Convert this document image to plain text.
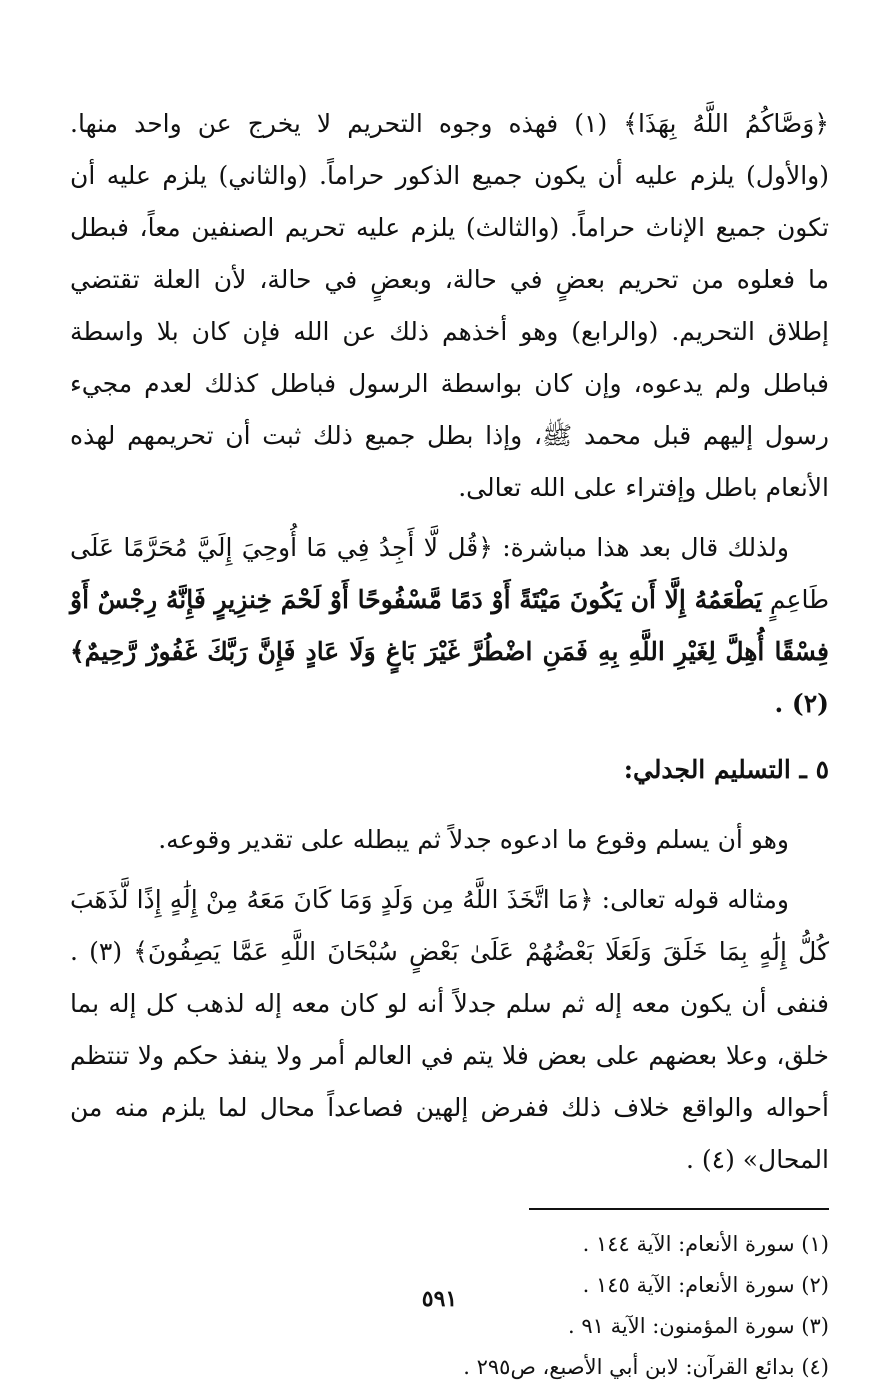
﴿وَصَّاكُمُ اللَّهُ بِهَذَا﴾ (١) فهذه وجوه التحريم لا يخرج عن واحد منها. (والأول) يلزم عليه أن يكون جميع الذكور حراماً. (والثاني) يلزم عليه أن تكون جميع الإناث حراماً. (والثالث) يلزم عليه تحريم الصنفين معاً، فبطل ما فعلوه من تحريم بعضٍ في حالة، وبعضٍ في حالة، لأن العلة تقتضي إطلاق التحريم. (والرابع) وهو أخذهم ذلك عن الله فإن كان بلا واسطة فباطل ولم يدعوه، وإن كان بواسطة الرسول فباطل كذلك لعدم مجيء رسول إليهم قبل محمد ﷺ، وإذا بطل جميع ذلك ثبت أن تحريمهم لهذه الأنعام باطل وإفتراء على الله تعالى.

ولذلك قال بعد هذا مباشرة: ﴿قُل لَّا أَجِدُ فِي مَا أُوحِيَ إِلَيَّ مُحَرَّمًا عَلَى طَاعِمٍ يَطْعَمُهُ إِلَّا أَن يَكُونَ مَيْتَةً أَوْ دَمًا مَّسْفُوحًا أَوْ لَحْمَ خِنزِيرٍ فَإِنَّهُ رِجْسٌ أَوْ فِسْقًا أُهِلَّ لِغَيْرِ اللَّهِ بِهِ فَمَنِ اضْطُرَّ غَيْرَ بَاغٍ وَلَا عَادٍ فَإِنَّ رَبَّكَ غَفُورٌ رَّحِيمٌ﴾ (٢) .

٥ ـ التسليم الجدلي:

وهو أن يسلم وقوع ما ادعوه جدلاً ثم يبطله على تقدير وقوعه.

ومثاله قوله تعالى: ﴿مَا اتَّخَذَ اللَّهُ مِن وَلَدٍ وَمَا كَانَ مَعَهُ مِنْ إِلَٰهٍ إِذًا لَّذَهَبَ كُلُّ إِلَٰهٍ بِمَا خَلَقَ وَلَعَلَا بَعْضُهُمْ عَلَىٰ بَعْضٍ سُبْحَانَ اللَّهِ عَمَّا يَصِفُونَ﴾ (٣) . فنفى أن يكون معه إله ثم سلم جدلاً أنه لو كان معه إله لذهب كل إله بما خلق، وعلا بعضهم على بعض فلا يتم في العالم أمر ولا ينفذ حكم ولا تنتظم أحواله والواقع خلاف ذلك ففرض إلهين فصاعداً محال لما يلزم منه من المحال» (٤) .

(١) سورة الأنعام: الآية ١٤٤ .
(٢) سورة الأنعام: الآية ١٤٥ .
(٣) سورة المؤمنون: الآية ٩١ .
(٤) بدائع القرآن: لابن أبي الأصبع، ص٢٩٥ .
٥٩١
